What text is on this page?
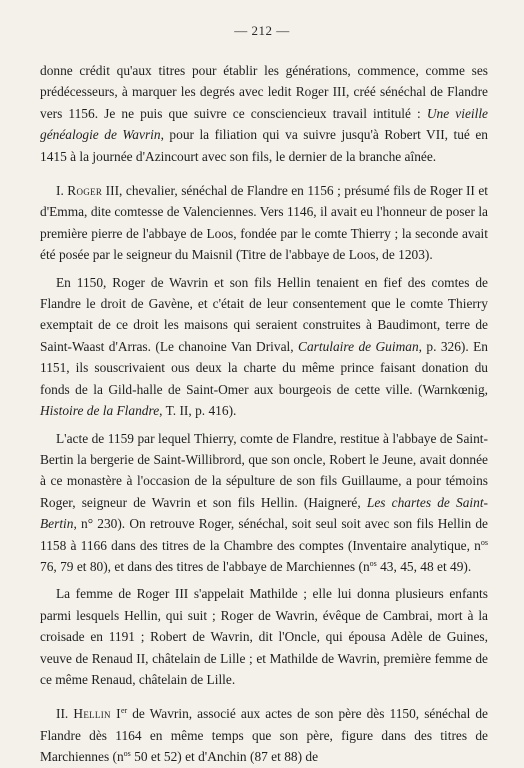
— 212 —

donne crédit qu'aux titres pour établir les générations, commence, comme ses prédécesseurs, à marquer les degrés avec ledit Roger III, créé sénéchal de Flandre vers 1156. Je ne puis que suivre ce consciencieux travail intitulé : Une vieille généalogie de Wavrin, pour la filiation qui va suivre jusqu'à Robert VII, tué en 1415 à la journée d'Azincourt avec son fils, le dernier de la branche aînée.

I. Roger III, chevalier, sénéchal de Flandre en 1156 ; présumé fils de Roger II et d'Emma, dite comtesse de Valenciennes. Vers 1146, il avait eu l'honneur de poser la première pierre de l'abbaye de Loos, fondée par le comte Thierry ; la seconde avait été posée par le seigneur du Maisnil (Titre de l'abbaye de Loos, de 1203).

En 1150, Roger de Wavrin et son fils Hellin tenaient en fief des comtes de Flandre le droit de Gavène, et c'était de leur consentement que le comte Thierry exemptait de ce droit les maisons qui seraient construites à Baudimont, terre de Saint-Waast d'Arras. (Le chanoine Van Drival, Cartulaire de Guiman, p. 326). En 1151, ils souscrivaient ous deux la charte du même prince faisant donation du fonds de la Gild-halle de Saint-Omer aux bourgeois de cette ville. (Warnkœnig, Histoire de la Flandre, T. II, p. 416).

L'acte de 1159 par lequel Thierry, comte de Flandre, restitue à l'abbaye de Saint-Bertin la bergerie de Saint-Willibrord, que son oncle, Robert le Jeune, avait donnée à ce monastère à l'occasion de la sépulture de son fils Guillaume, a pour témoins Roger, seigneur de Wavrin et son fils Hellin. (Haigneré, Les chartes de Saint-Bertin, n° 230). On retrouve Roger, sénéchal, soit seul soit avec son fils Hellin de 1158 à 1166 dans des titres de la Chambre des comptes (Inventaire analytique, $n^{os}$ 76, 79 et 80), et dans des titres de l'abbaye de Marchiennes ($n^{os}$ 43, 45, 48 et 49).

La femme de Roger III s'appelait Mathilde ; elle lui donna plusieurs enfants parmi lesquels Hellin, qui suit ; Roger de Wavrin, évêque de Cambrai, mort à la croisade en 1191 ; Robert de Wavrin, dit l'Oncle, qui épousa Adèle de Guines, veuve de Renaud II, châtelain de Lille ; et Mathilde de Wavrin, première femme de ce même Renaud, châtelain de Lille.

II. Hellin Ier de Wavrin, associé aux actes de son père dès 1150, sénéchal de Flandre dès 1164 en même temps que son père, figure dans des titres de Marchiennes ($n^{os}$ 50 et 52) et d'Anchin (87 et 88) de
